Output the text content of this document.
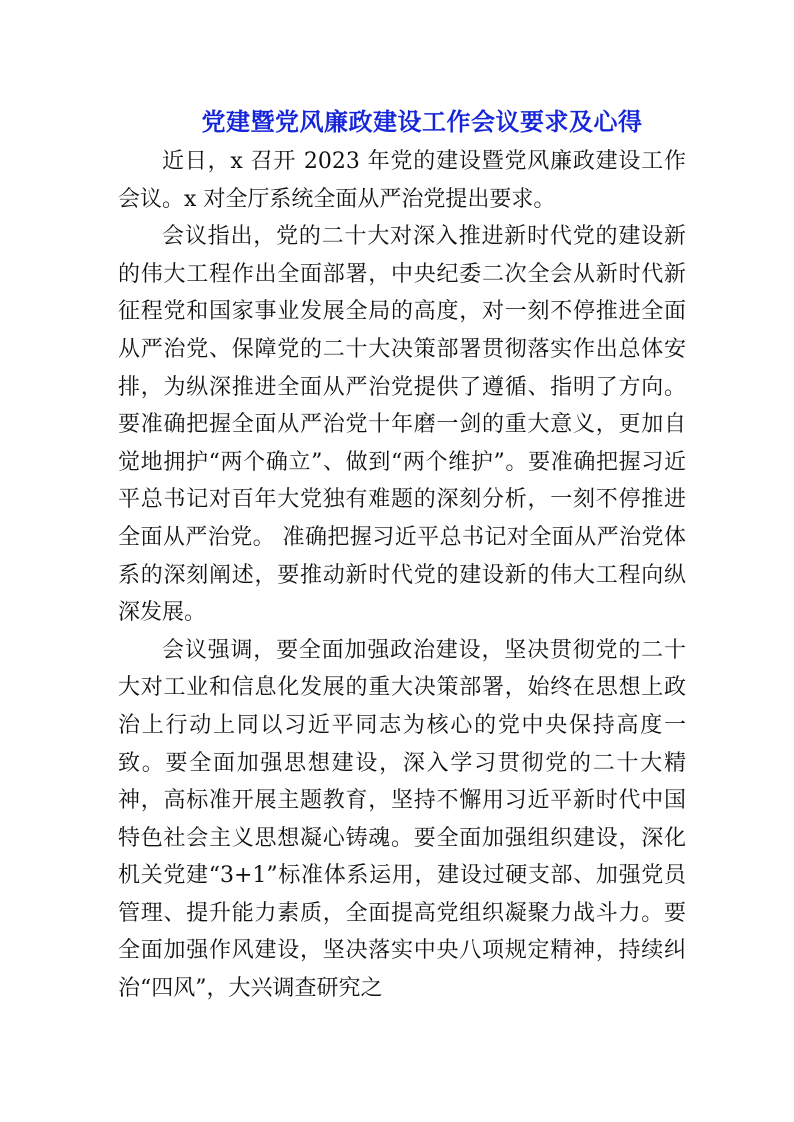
党建暨党风廉政建设工作会议要求及心得

近日，x 召开 2023 年党的建设暨党风廉政建设工作会议。x 对全厅系统全面从严治党提出要求。

会议指出，党的二十大对深入推进新时代党的建设新的伟大工程作出全面部署，中央纪委二次全会从新时代新征程党和国家事业发展全局的高度，对一刻不停推进全面从严治党、保障党的二十大决策部署贯彻落实作出总体安排，为纵深推进全面从严治党提供了遵循、指明了方向。要准确把握全面从严治党十年磨一剑的重大意义，更加自觉地拥护“两个确立”、做到“两个维护”。要准确把握习近平总书记对百年大党独有难题的深刻分析，一刻不停推进全面从严治党。 准确把握习近平总书记对全面从严治党体系的深刻阐述，要推动新时代党的建设新的伟大工程向纵深发展。

会议强调，要全面加强政治建设，坚决贯彻党的二十大对工业和信息化发展的重大决策部署，始终在思想上政治上行动上同以习近平同志为核心的党中央保持高度一致。要全面加强思想建设，深入学习贯彻党的二十大精神，高标准开展主题教育，坚持不懈用习近平新时代中国特色社会主义思想凝心铸魂。要全面加强组织建设，深化机关党建“3+1”标准体系运用，建设过硬支部、加强党员管理、提升能力素质，全面提高党组织凝聚力战斗力。要全面加强作风建设，坚决落实中央八项规定精神，持续纠治“四风”，大兴调查研究之
